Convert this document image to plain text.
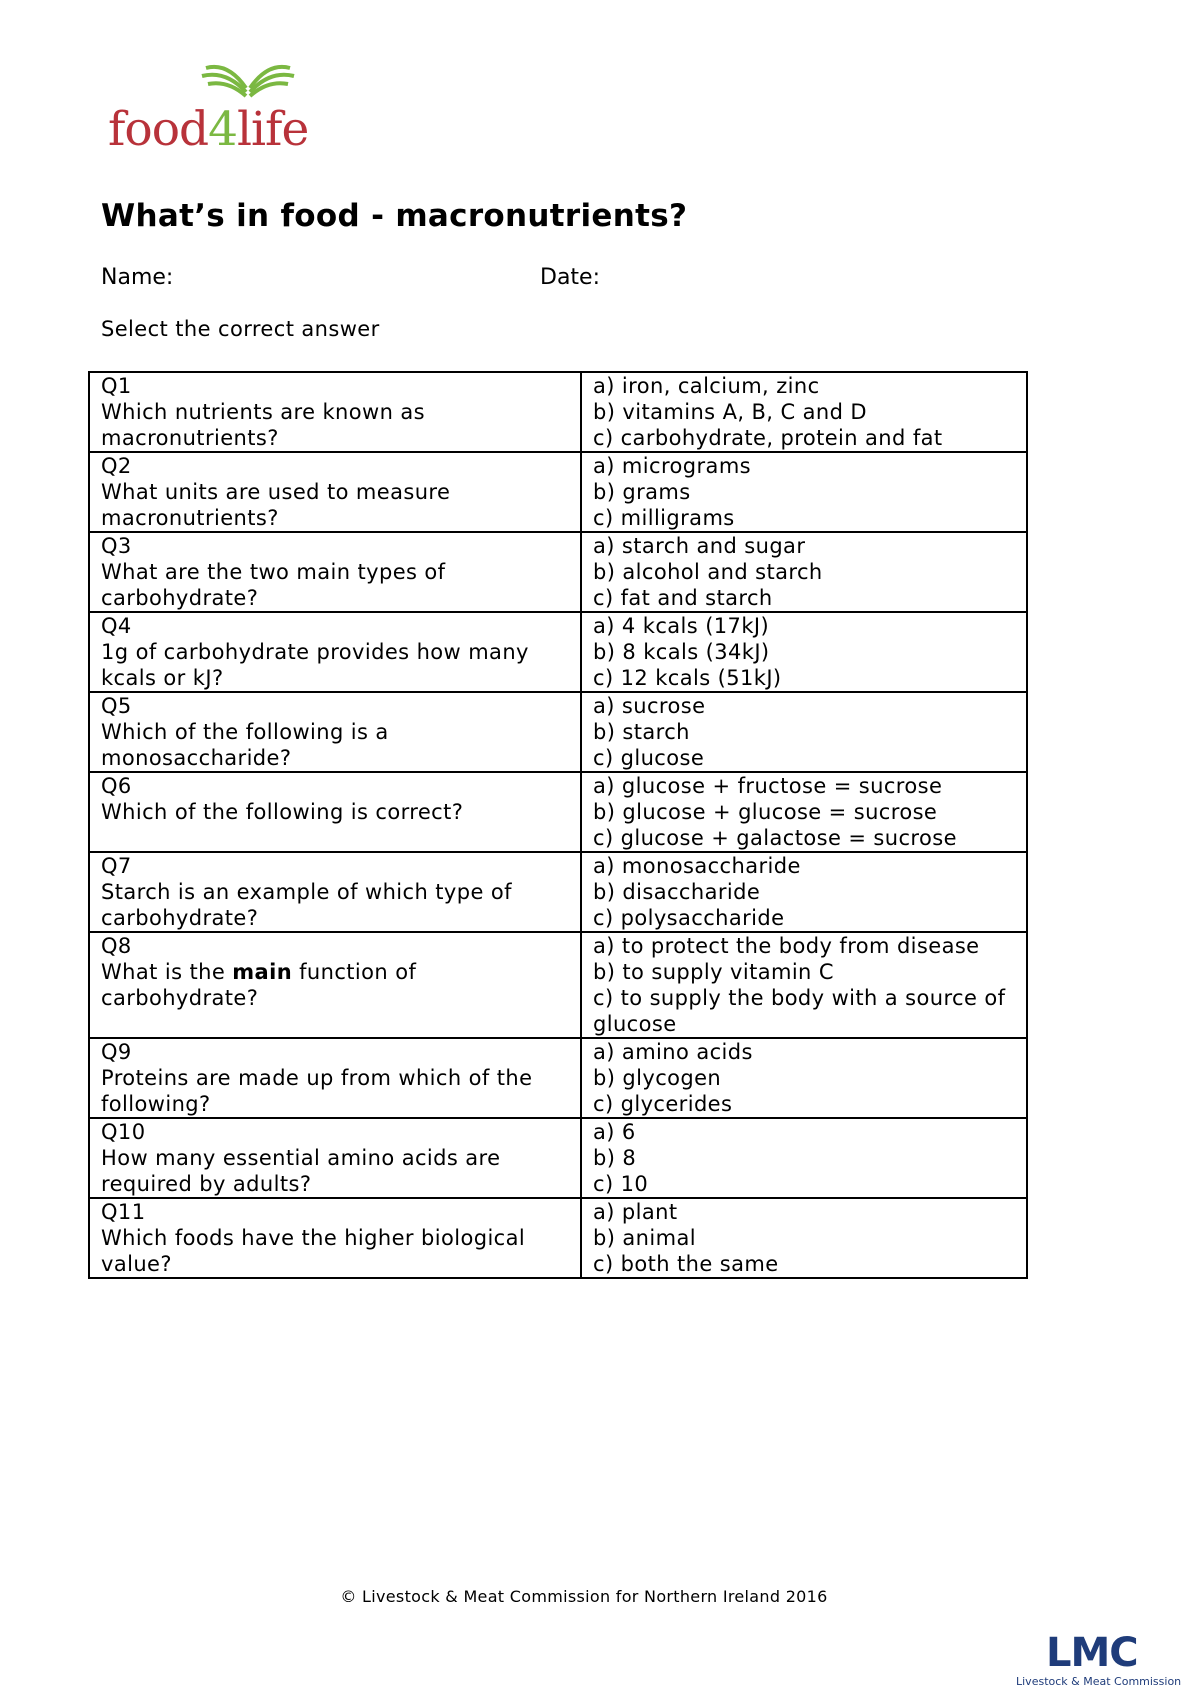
food4life
What’s in food - macronutrients?
Name:	Date:
Select the correct answer
Q1
Which nutrients are known as
macronutrients?	a) iron, calcium, zinc
b) vitamins A, B, C and D
c) carbohydrate, protein and fat

Q2
What units are used to measure
macronutrients?	a) micrograms
b) grams
c) milligrams

Q3
What are the two main types of
carbohydrate?	a) starch and sugar
b) alcohol and starch
c) fat and starch

Q4
1g of carbohydrate provides how many
kcals or kJ?	a) 4 kcals (17kJ)
b) 8 kcals (34kJ)
c) 12 kcals (51kJ)

Q5
Which of the following is a
monosaccharide?	a) sucrose
b) starch
c) glucose

Q6
Which of the following is correct?	a) glucose + fructose = sucrose
b) glucose + glucose = sucrose
c) glucose + galactose = sucrose

Q7
Starch is an example of which type of
carbohydrate?	a) monosaccharide
b) disaccharide
c) polysaccharide

Q8
What is the main function of
carbohydrate?	a) to protect the body from disease
b) to supply vitamin C
c) to supply the body with a source of
glucose

Q9
Proteins are made up from which of the
following?	a) amino acids
b) glycogen
c) glycerides

Q10
How many essential amino acids are
required by adults?	a) 6
b) 8
c) 10

Q11
Which foods have the higher biological
value?	a) plant
b) animal
c) both the same
© Livestock & Meat Commission for Northern Ireland 2016
LMC
Livestock & Meat Commission
